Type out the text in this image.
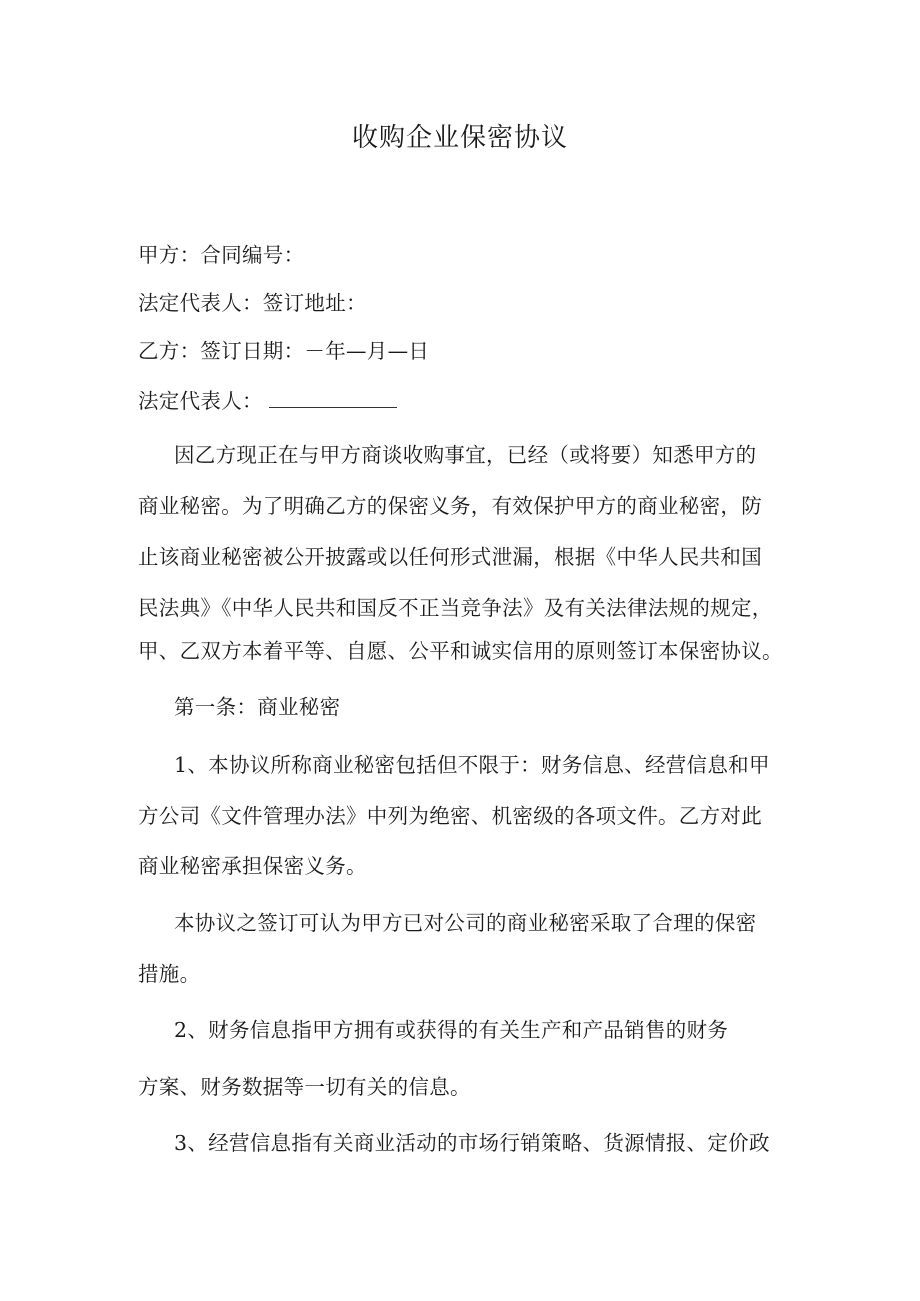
收购企业保密协议
甲方：合同编号：
法定代表人：签订地址：
乙方：签订日期：－年—月—日
法定代表人：
因乙方现正在与甲方商谈收购事宜，已经（或将要）知悉甲方的
商业秘密。为了明确乙方的保密义务，有效保护甲方的商业秘密，防
止该商业秘密被公开披露或以任何形式泄漏，根据《中华人民共和国
民法典》《中华人民共和国反不正当竞争法》及有关法律法规的规定，
甲、乙双方本着平等、自愿、公平和诚实信用的原则签订本保密协议。
第一条：商业秘密
1、本协议所称商业秘密包括但不限于：财务信息、经营信息和甲
方公司《文件管理办法》中列为绝密、机密级的各项文件。乙方对此
商业秘密承担保密义务。
本协议之签订可认为甲方已对公司的商业秘密采取了合理的保密
措施。
2、财务信息指甲方拥有或获得的有关生产和产品销售的财务
方案、财务数据等一切有关的信息。
3、经营信息指有关商业活动的市场行销策略、货源情报、定价政
